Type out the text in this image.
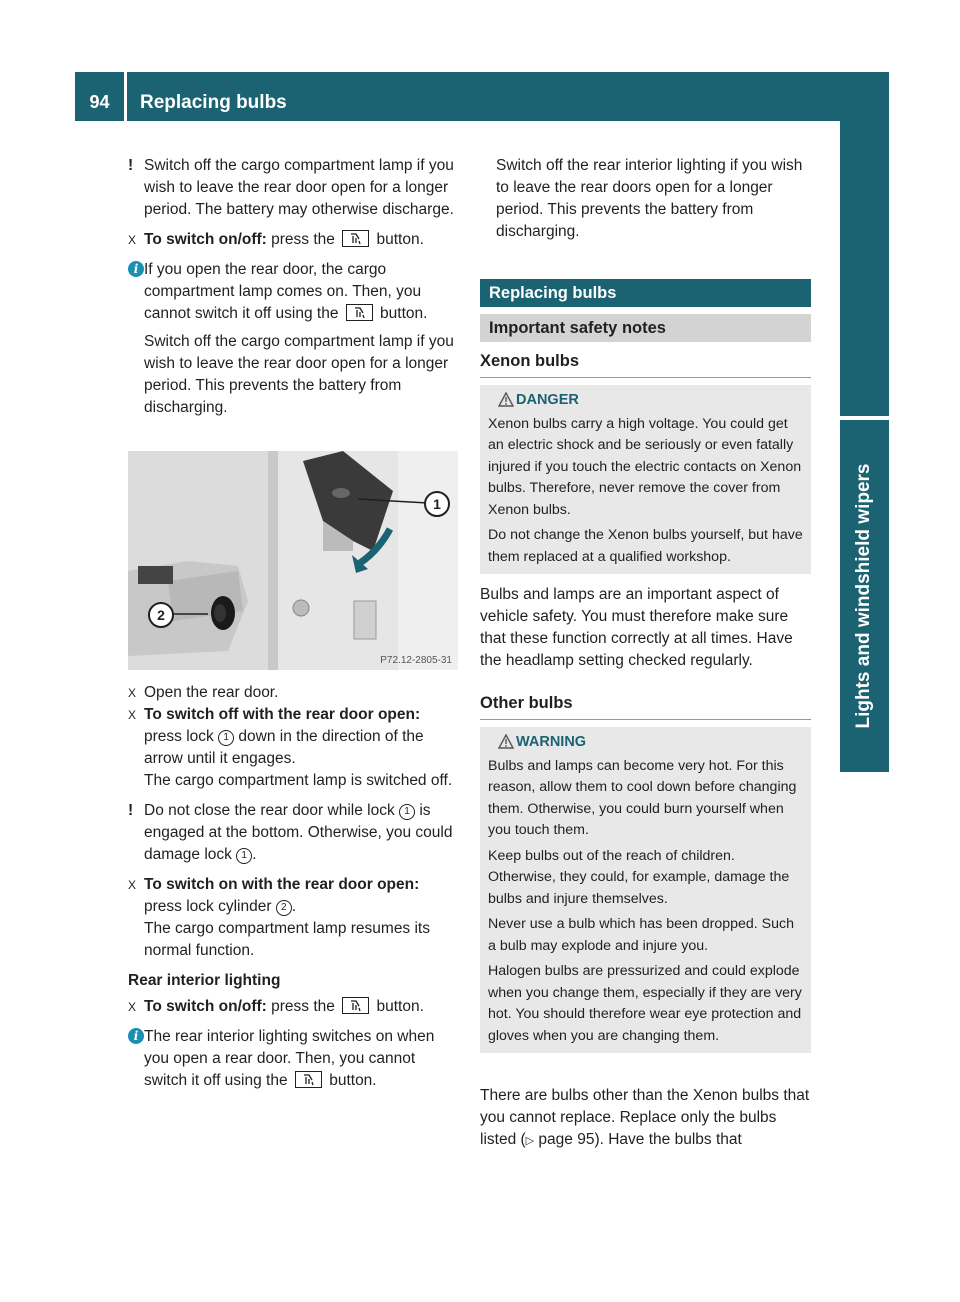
94	Replacing bulbs
Lights and windshield wipers
! Switch off the cargo compartment lamp if you wish to leave the rear door open for a longer period. The battery may otherwise discharge.
X To switch on/off: press the
button.
i If you open the rear door, the cargo compartment lamp comes on. Then, you cannot switch it off using the
button.

Switch off the cargo compartment lamp if you wish to leave the rear door open for a longer period. This prevents the battery from discharging.

1
2
P72.12-2805-31
X Open the rear door.
X To switch off with the rear door open:
press lock 1 down in the direction of the arrow until it engages.
The cargo compartment lamp is switched off.
! Do not close the rear door while lock 1 is engaged at the bottom. Otherwise, you could damage lock 1 .
X To switch on with the rear door open:
press lock cylinder 2 .
The cargo compartment lamp resumes its normal function.
Rear interior lighting
X To switch on/off: press the
button.
i The rear interior lighting switches on when you open a rear door. Then, you cannot switch it off using the
button.
Switch off the rear interior lighting if you wish to leave the rear doors open for a longer period. This prevents the battery from discharging.
Replacing bulbs
Important safety notes
Xenon bulbs
DANGER

Xenon bulbs carry a high voltage. You could get an electric shock and be seriously or even fatally injured if you touch the electric contacts on Xenon bulbs. Therefore, never remove the cover from Xenon bulbs.

Do not change the Xenon bulbs yourself, but have them replaced at a qualified workshop.

Bulbs and lamps are an important aspect of vehicle safety. You must therefore make sure that these function correctly at all times. Have the headlamp setting checked regularly.
Other bulbs
WARNING

Bulbs and lamps can become very hot. For this reason, allow them to cool down before changing them. Otherwise, you could burn yourself when you touch them.

Keep bulbs out of the reach of children. Otherwise, they could, for example, damage the bulbs and injure themselves.

Never use a bulb which has been dropped. Such a bulb may explode and injure you.

Halogen bulbs are pressurized and could explode when you change them, especially if they are very hot. You should therefore wear eye protection and gloves when you are changing them.

There are bulbs other than the Xenon bulbs that you cannot replace. Replace only the bulbs listed (▷ page 95). Have the bulbs that
